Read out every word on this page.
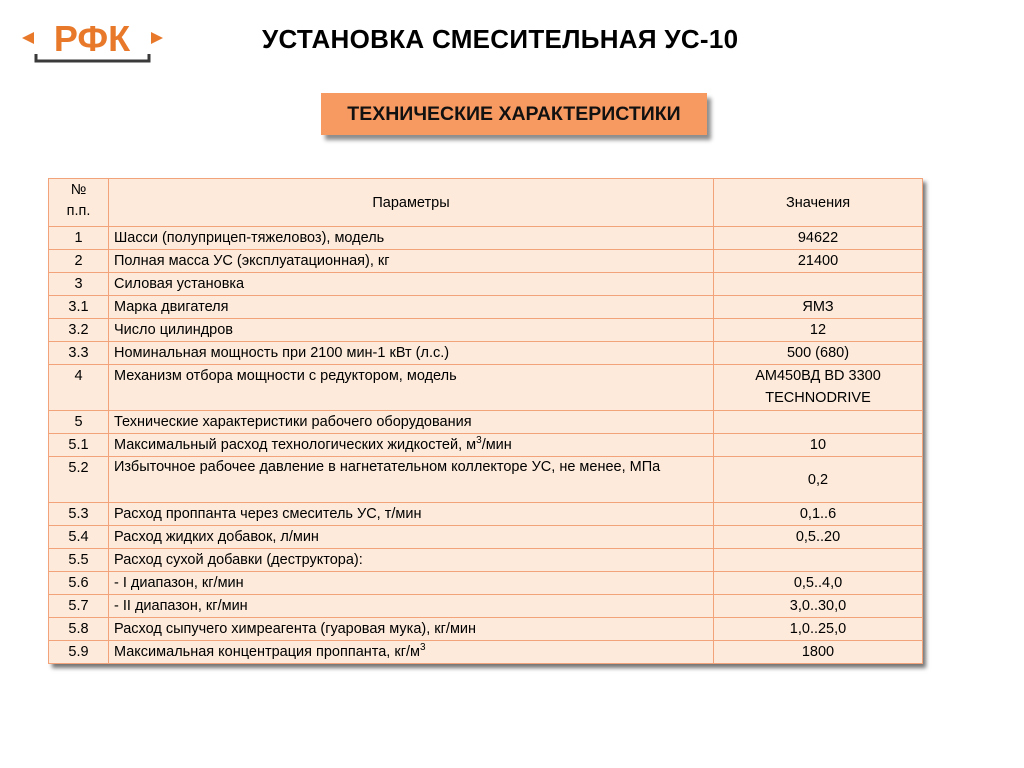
РФК	УСТАНОВКА СМЕСИТЕЛЬНАЯ УС-10
ТЕХНИЧЕСКИЕ ХАРАКТЕРИСТИКИ
№
п.п.	Параметры	Значения
1	Шасси (полуприцеп-тяжеловоз), модель	94622
2	Полная масса УС (эксплуатационная), кг	21400
3	Силовая установка	
3.1	Марка двигателя	ЯМЗ
3.2	Число цилиндров	12
3.3	Номинальная мощность при 2100 мин-1 кВт (л.с.)	500 (680)
4	Механизм отбора мощности с редуктором, модель	АМ450ВД BD 3300
TECHNODRIVE
5	Технические характеристики рабочего оборудования	
5.1	Максимальный расход технологических жидкостей, $м^3$/мин	10
5.2	Избыточное рабочее давление в нагнетательном коллекторе УС, не менее, МПа	0,2
5.3	Расход проппанта через смеситель УС, т/мин	0,1..6
5.4	Расход жидких добавок, л/мин	0,5..20
5.5	Расход сухой добавки (деструктора):	
5.6	- I диапазон, кг/мин	0,5..4,0
5.7	- II диапазон, кг/мин	3,0..30,0
5.8	Расход сыпучего химреагента (гуаровая мука), кг/мин	1,0..25,0
5.9	Максимальная концентрация проппанта, $кг/м^3$	1800
